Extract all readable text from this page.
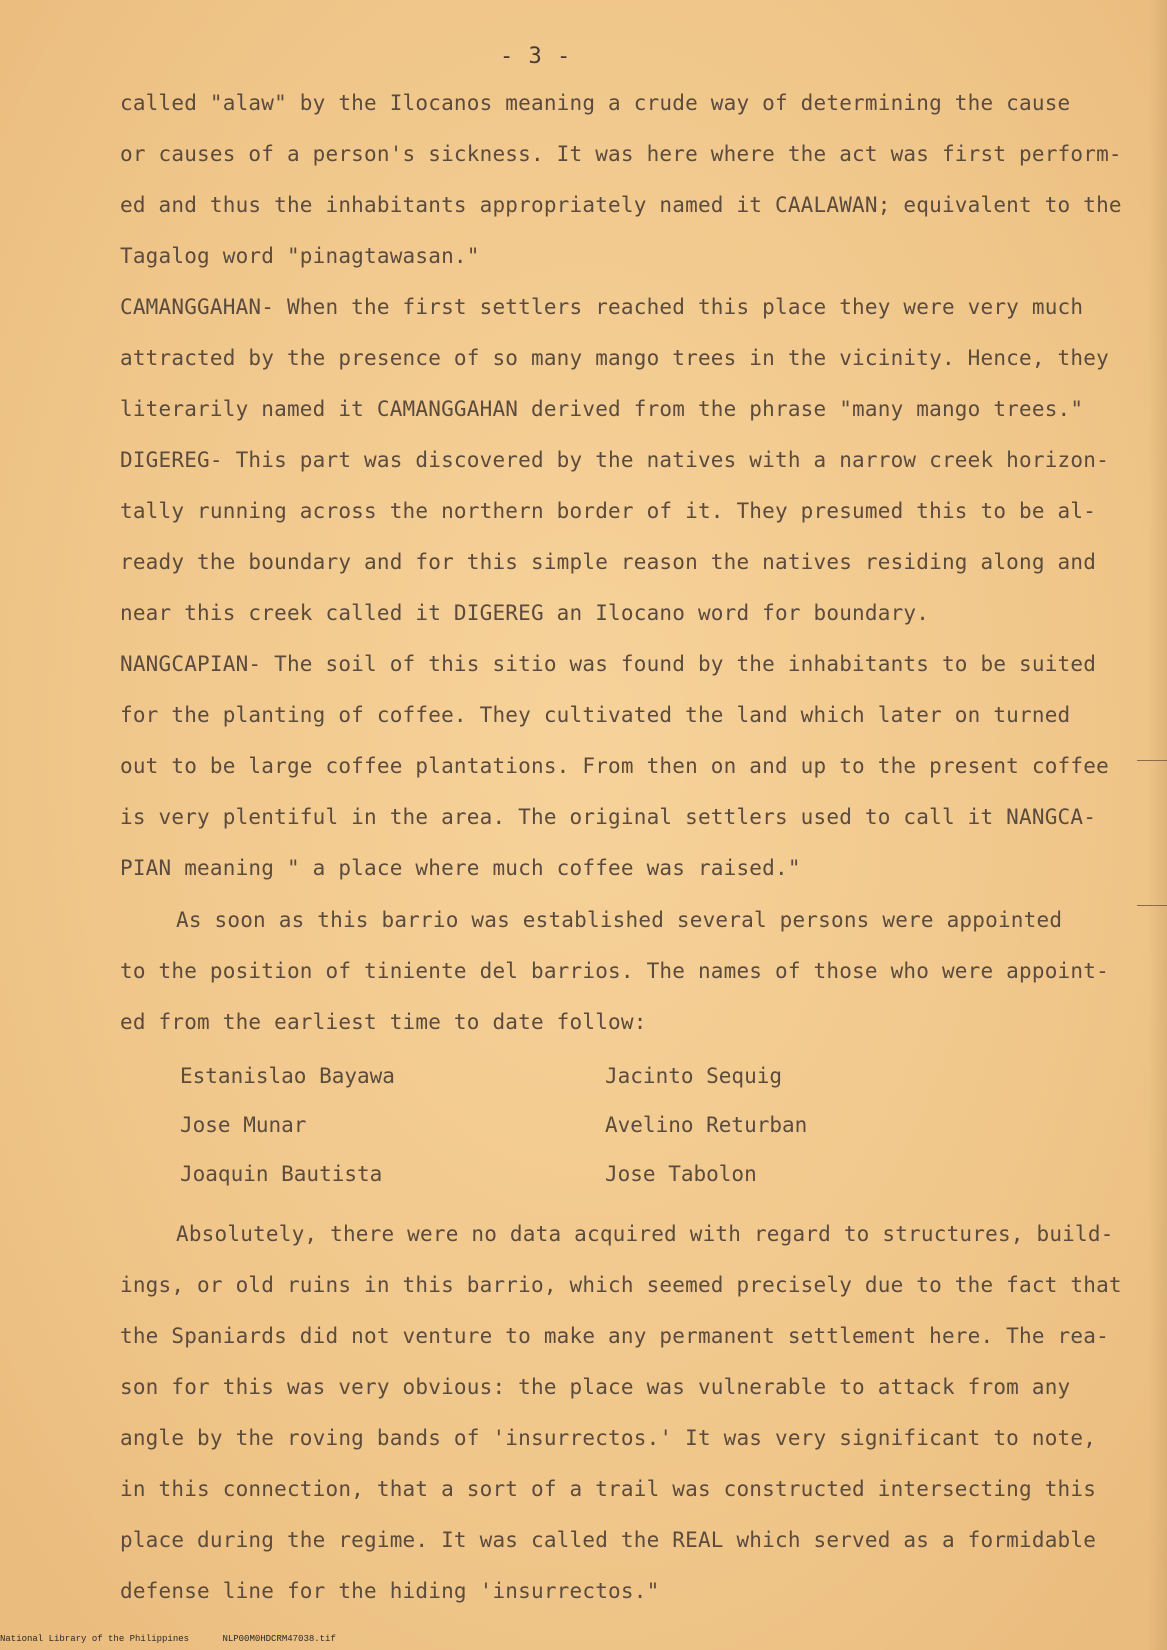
- 3 -
called "alaw" by the Ilocanos meaning a crude way of determining the cause
or causes of a person's sickness. It was here where the act was first perform-
ed and thus the inhabitants appropriately named it CAALAWAN; equivalent to the
Tagalog word "pinagtawasan."
CAMANGGAHAN- When the first settlers reached this place they were very much
attracted by the presence of so many mango trees in the vicinity. Hence, they
literarily named it CAMANGGAHAN derived from the phrase "many mango trees."
DIGEREG- This part was discovered by the natives with a narrow creek horizon-
tally running across the northern border of it. They presumed this to be al-
ready the boundary and for this simple reason the natives residing along and
near this creek called it DIGEREG an Ilocano word for boundary.
NANGCAPIAN- The soil of this sitio was found by the inhabitants to be suited
for the planting of coffee. They cultivated the land which later on turned
out to be large coffee plantations. From then on and up to the present coffee
is very plentiful in the area. The original settlers used to call it NANGCA-
PIAN meaning " a place where much coffee was raised."
As soon as this barrio was established several persons were appointed
to the position of tiniente del barrios. The names of those who were appoint-
ed from the earliest time to date follow:
Estanislao Bayawa	Jacinto Sequig
Jose Munar	Avelino Returban
Joaquin Bautista	Jose Tabolon
Absolutely, there were no data acquired with regard to structures, build-
ings, or old ruins in this barrio, which seemed precisely due to the fact that
the Spaniards did not venture to make any permanent settlement here. The rea-
son for this was very obvious: the place was vulnerable to attack from any
angle by the roving bands of 'insurrectos.' It was very significant to note,
in this connection, that a sort of a trail was constructed intersecting this
place during the regime. It was called the REAL which served as a formidable
defense line for the hiding 'insurrectos."
National Library of the Philippines	NLP00M0HDCRM47038.tif
